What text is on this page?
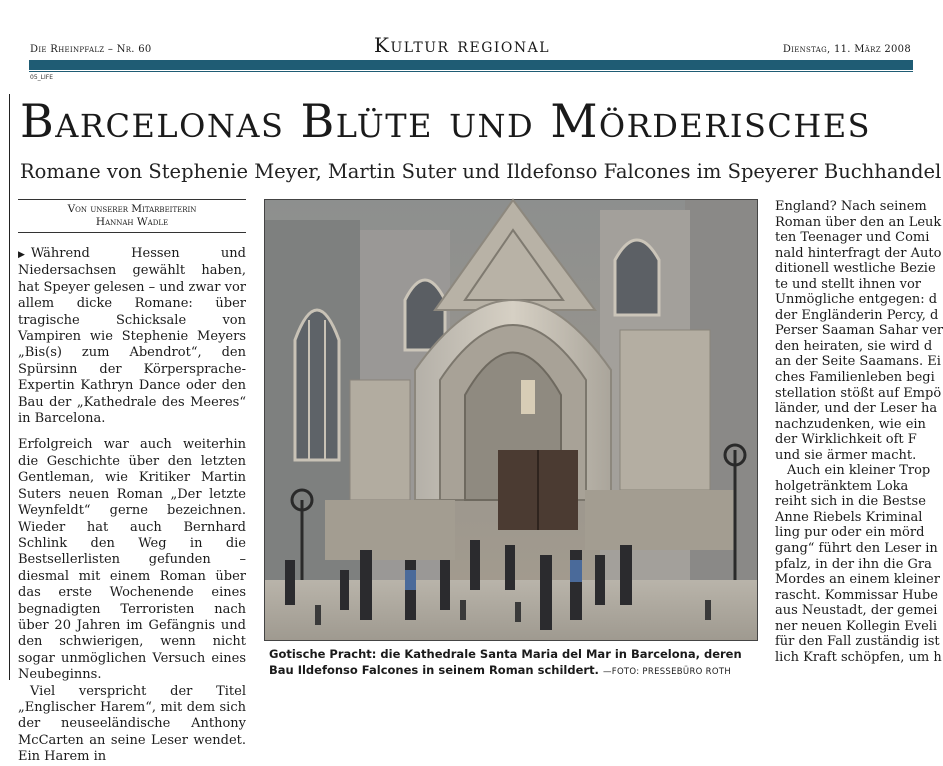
Die Rheinpfalz – Nr. 60	Kultur regional	Dienstag, 11. März 2008
05_LIFE
Barcelonas Blüte und Mörderisches
Romane von Stephenie Meyer, Martin Suter und Ildefonso Falcones im Speyerer Buchhandel
Von unserer Mitarbeiterin
Hannah Wadle

▶ Während Hessen und Niedersachsen gewählt haben, hat Speyer gelesen – und zwar vor allem dicke Romane: über tragische Schicksale von Vampiren wie Stephenie Meyers „Bis(s) zum Abendrot“, den Spürsinn der Körpersprache-Expertin Kathryn Dance oder den Bau der „Kathedrale des Meeres“ in Barcelona.

Erfolgreich war auch weiterhin die Geschichte über den letzten Gentleman, wie Kritiker Martin Suters neuen Roman „Der letzte Weynfeldt“ gerne bezeichnen. Wieder hat auch Bernhard Schlink den Weg in die Bestsellerlisten gefunden – diesmal mit einem Roman über das erste Wochenende eines begnadigten Terroristen nach über 20 Jahren im Gefängnis und den schwierigen, wenn nicht sogar unmöglichen Versuch eines Neubeginns.

Viel verspricht der Titel „Englischer Harem“, mit dem sich der neuseeländische Anthony McCarten an seine Leser wendet. Ein Harem in

Gotische Pracht: die Kathedrale Santa Maria del Mar in Barcelona, deren Bau Ildefonso Falcones in seinem Roman schildert. —FOTO: PRESSEBÜRO ROTH
England? Nach seinem
Roman über den an Leuk
ten Teenager und Comi
nald hinterfragt der Auto
ditionell westliche Bezie
te und stellt ihnen vor
Unmögliche entgegen: d
der Engländerin Percy, d
Perser Saaman Sahar ver
den heiraten, sie wird d
an der Seite Saamans. Ei
ches Familienleben begi
stellation stößt auf Empö
länder, und der Leser ha
nachzudenken, wie ein
der Wirklichkeit oft F
und sie ärmer macht.
Auch ein kleiner Trop
holgetränktem Loka
reiht sich in die Bestse
Anne Riebels Kriminal
ling pur oder ein mörd
gang“ führt den Leser in
pfalz, in der ihn die Gra
Mordes an einem kleiner
rascht. Kommissar Hube
aus Neustadt, der gemei
ner neuen Kollegin Eveli
für den Fall zuständig ist
lich Kraft schöpfen, um h
